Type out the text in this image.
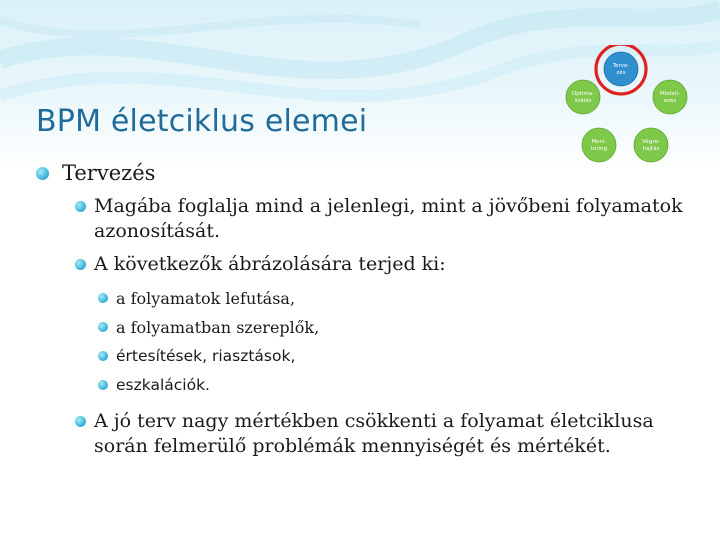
BPM életciklus elemei
Terve-
zés
Modell-
ezés
Végre-
hajtás
Moni-
toring
Optima-
lizálás
Tervezés
Magába foglalja mind a jelenlegi, mint a jövőbeni folyamatok azonosítását.
A következők ábrázolására terjed ki:
a folyamatok lefutása,
a folyamatban szereplők,
értesítések, riasztások,
eszkalációk.
A jó terv nagy mértékben csökkenti a folyamat életciklusa során felmerülő problémák mennyiségét és mértékét.
